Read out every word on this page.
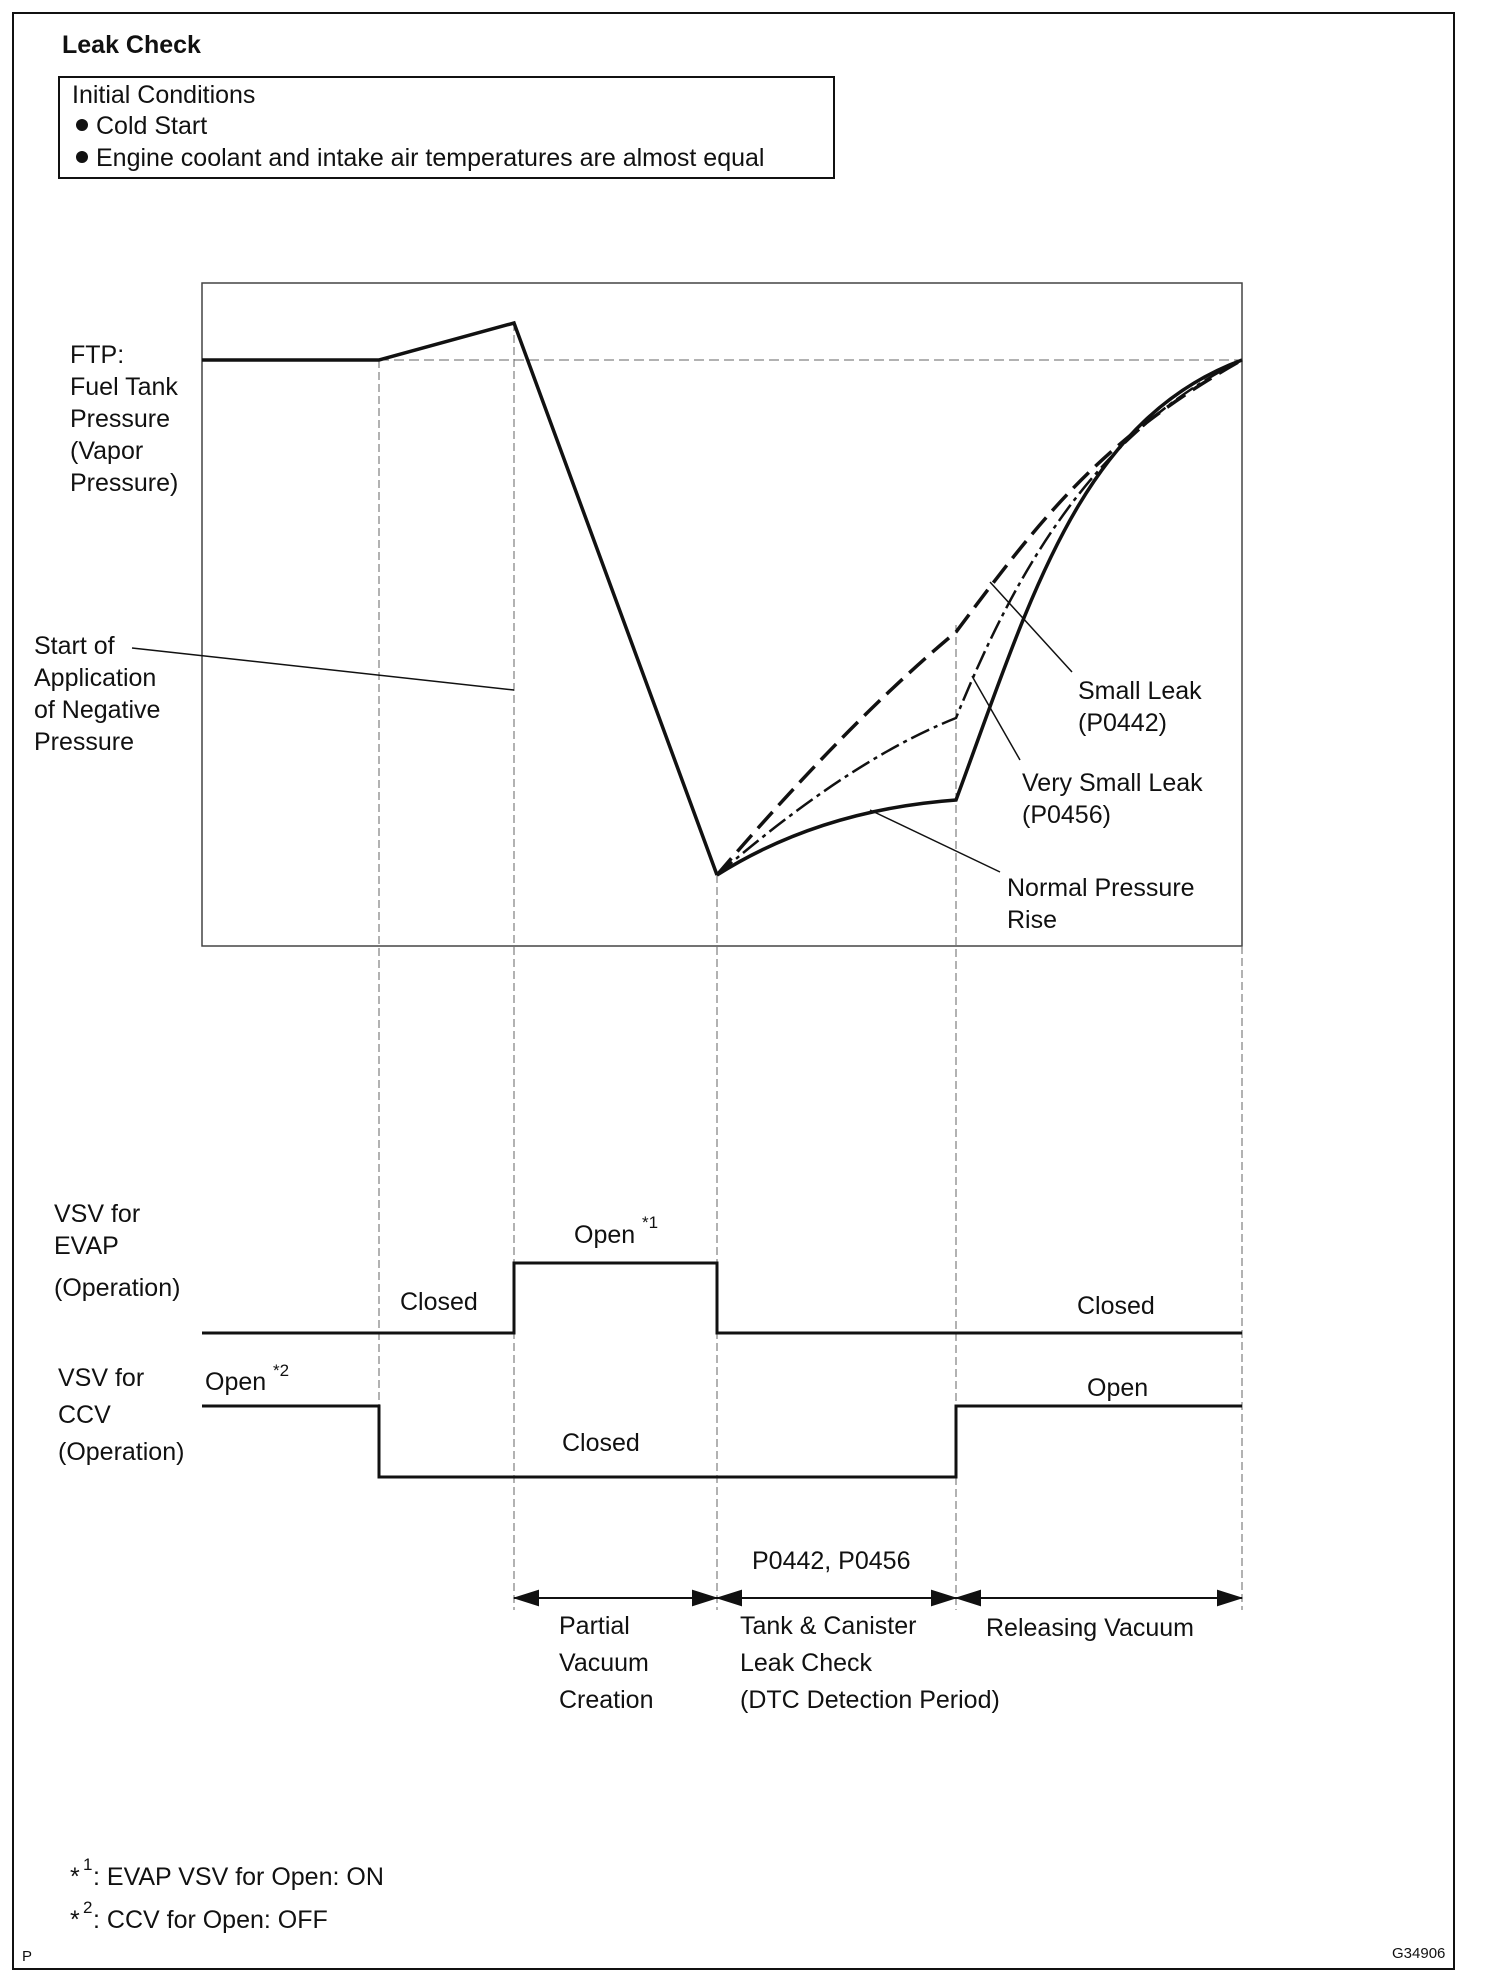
Leak Check
Initial Conditions
Cold Start
Engine coolant and intake air temperatures are almost equal
FTP:
Fuel Tank
Pressure
(Vapor
Pressure)
Start of
Application
of Negative
Pressure
Small Leak
(P0442)
Very Small Leak
(P0456)
Normal Pressure
Rise
VSV for
EVAP
(Operation)	Closed
Open *1
Closed
VSV for
CCV
(Operation)
Open *2
Closed
Open
P0442, P0456
Partial
Vacuum
Creation
Tank & Canister
Leak Check
(DTC Detection Period)
Releasing Vacuum
* 1 : EVAP VSV for Open: ON
* 2 : CCV for Open: OFF
P	G34906
